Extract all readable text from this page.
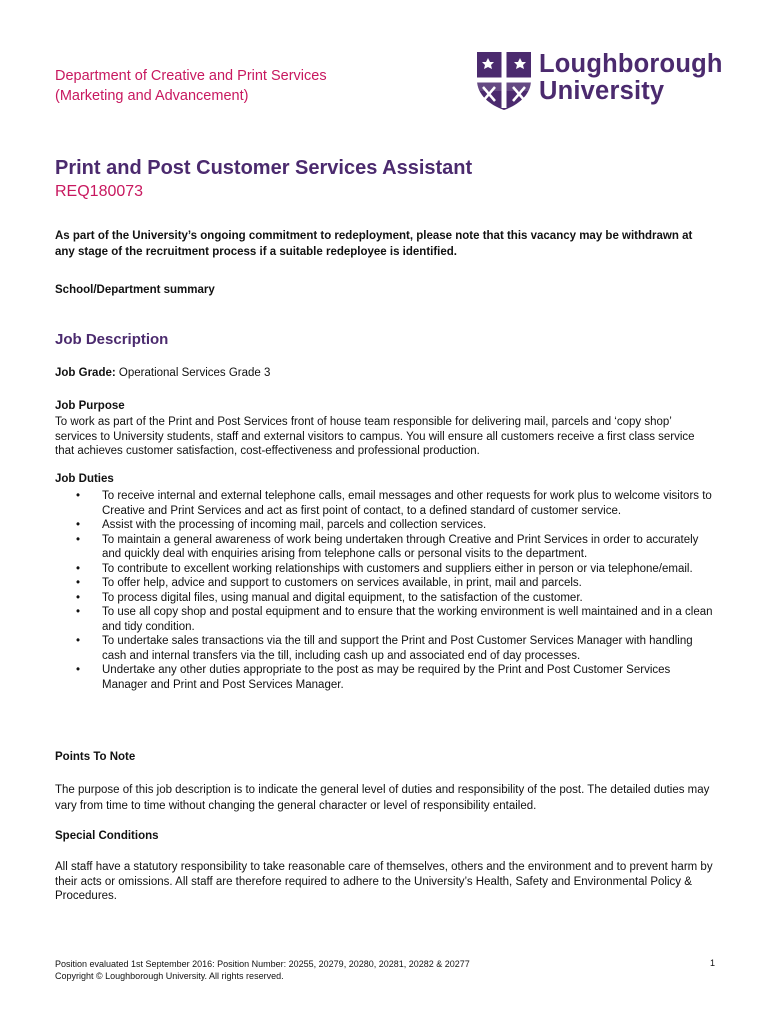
Department of Creative and Print Services
(Marketing and Advancement)
Loughborough
University
Print and Post Customer Services Assistant
REQ180073
As part of the University’s ongoing commitment to redeployment, please note that this vacancy may be withdrawn at any stage of the recruitment process if a suitable redeployee is identified.
School/Department summary
Job Description
Job Grade: Operational Services Grade 3
Job Purpose
To work as part of the Print and Post Services front of house team responsible for delivering mail, parcels and ‘copy shop’ services to University students, staff and external visitors to campus. You will ensure all customers receive a first class service that achieves customer satisfaction, cost-effectiveness and professional production.
Job Duties
• To receive internal and external telephone calls, email messages and other requests for work plus to welcome visitors to Creative and Print Services and act as first point of contact, to a defined standard of customer service.
• Assist with the processing of incoming mail, parcels and collection services.
• To maintain a general awareness of work being undertaken through Creative and Print Services in order to accurately and quickly deal with enquiries arising from telephone calls or personal visits to the department.
• To contribute to excellent working relationships with customers and suppliers either in person or via telephone/email.
• To offer help, advice and support to customers on services available, in print, mail and parcels.
• To process digital files, using manual and digital equipment, to the satisfaction of the customer.
• To use all copy shop and postal equipment and to ensure that the working environment is well maintained and in a clean and tidy condition.
• To undertake sales transactions via the till and support the Print and Post Customer Services Manager with handling cash and internal transfers via the till, including cash up and associated end of day processes.
• Undertake any other duties appropriate to the post as may be required by the Print and Post Customer Services Manager and Print and Post Services Manager.
Points To Note
The purpose of this job description is to indicate the general level of duties and responsibility of the post. The detailed duties may vary from time to time without changing the general character or level of responsibility entailed.
Special Conditions
All staff have a statutory responsibility to take reasonable care of themselves, others and the environment and to prevent harm by their acts or omissions. All staff are therefore required to adhere to the University’s Health, Safety and Environmental Policy & Procedures.
Position evaluated 1st September 2016: Position Number: 20255, 20279, 20280, 20281, 20282 & 20277
Copyright © Loughborough University. All rights reserved.
1
